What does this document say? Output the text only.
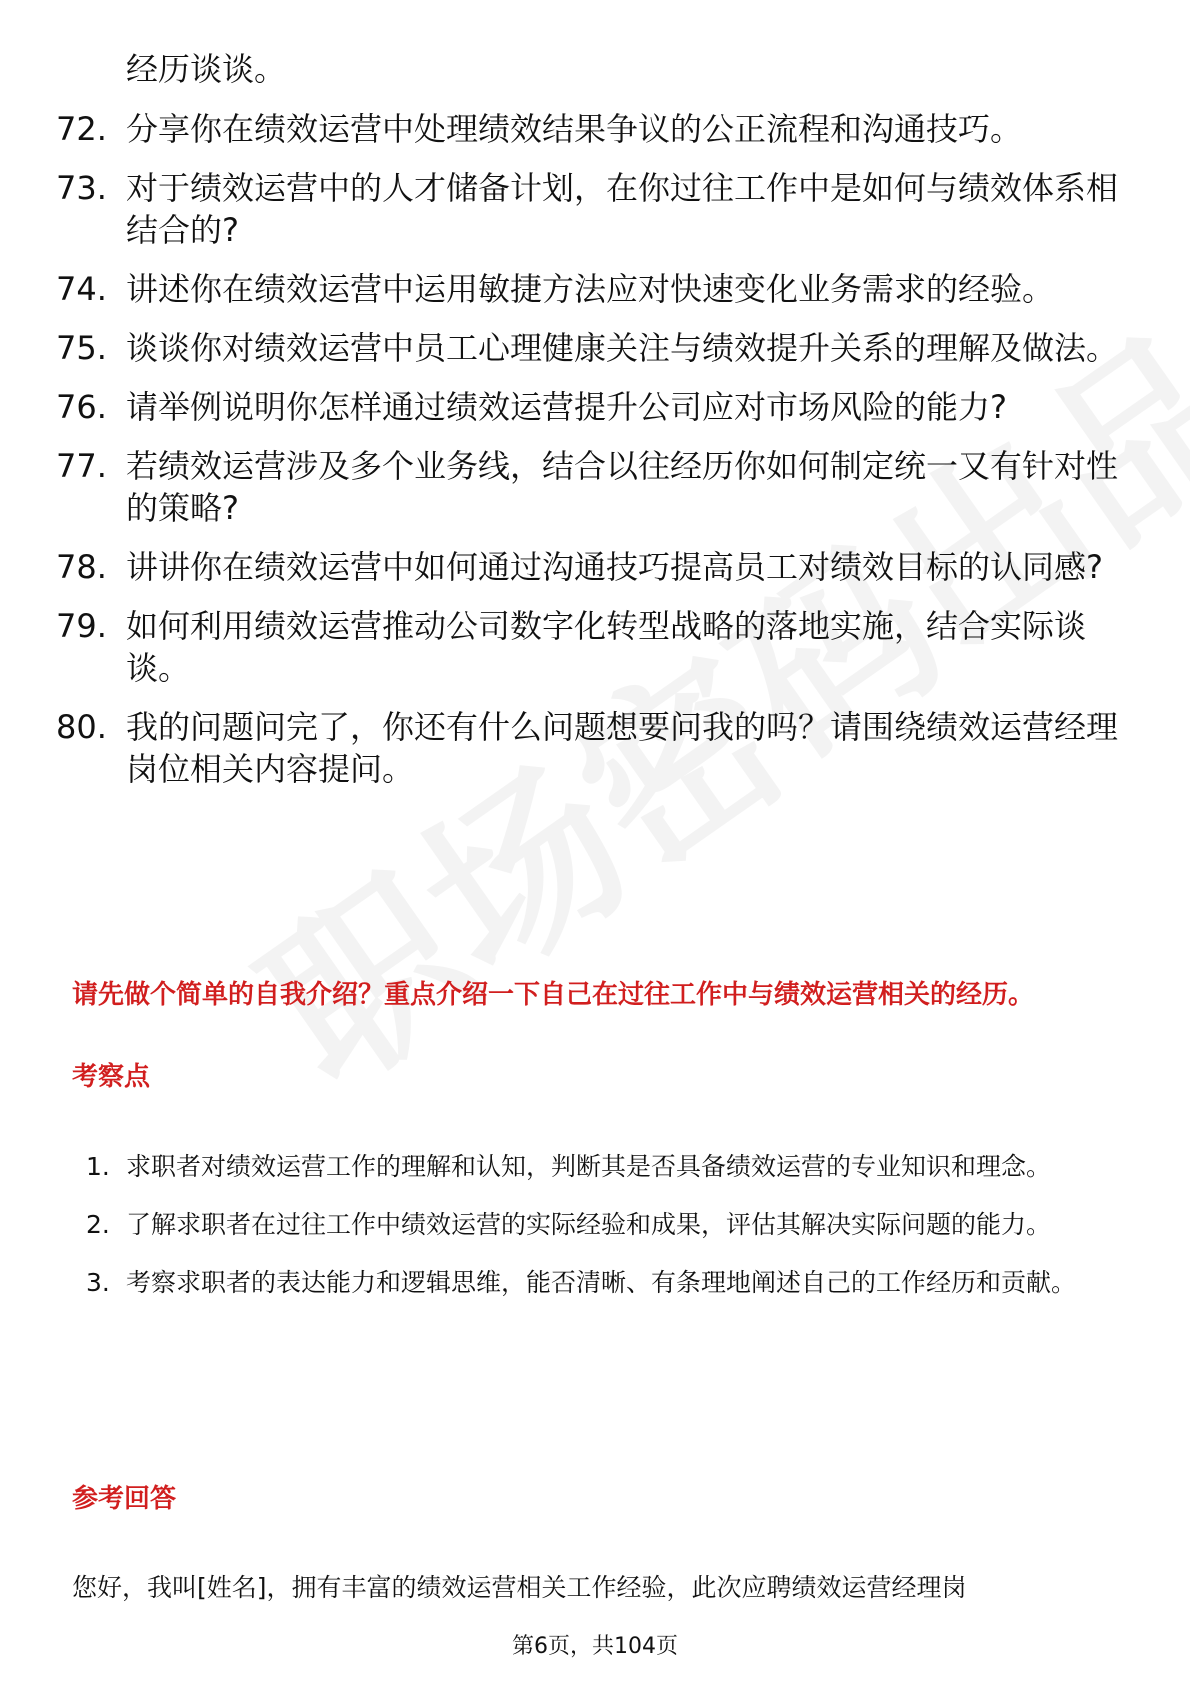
经历谈谈。
72. 分享你在绩效运营中处理绩效结果争议的公正流程和沟通技巧。
73. 对于绩效运营中的人才储备计划，在你过往工作中是如何与绩效体系相结合的?
74. 讲述你在绩效运营中运用敏捷方法应对快速变化业务需求的经验。
75. 谈谈你对绩效运营中员工心理健康关注与绩效提升关系的理解及做法。
76. 请举例说明你怎样通过绩效运营提升公司应对市场风险的能力?
77. 若绩效运营涉及多个业务线，结合以往经历你如何制定统一又有针对性的策略?
78. 讲讲你在绩效运营中如何通过沟通技巧提高员工对绩效目标的认同感?
79. 如何利用绩效运营推动公司数字化转型战略的落地实施，结合实际谈谈。
80. 我的问题问完了，你还有什么问题想要问我的吗？请围绕绩效运营经理岗位相关内容提问。
请先做个简单的自我介绍？重点介绍一下自己在过往工作中与绩效运营相关的经历。
考察点
1. 求职者对绩效运营工作的理解和认知，判断其是否具备绩效运营的专业知识和理念。
2. 了解求职者在过往工作中绩效运营的实际经验和成果，评估其解决实际问题的能力。
3. 考察求职者的表达能力和逻辑思维，能否清晰、有条理地阐述自己的工作经历和贡献。
参考回答
您好，我叫[姓名]，拥有丰富的绩效运营相关工作经验，此次应聘绩效运营经理岗
第6页，共104页
